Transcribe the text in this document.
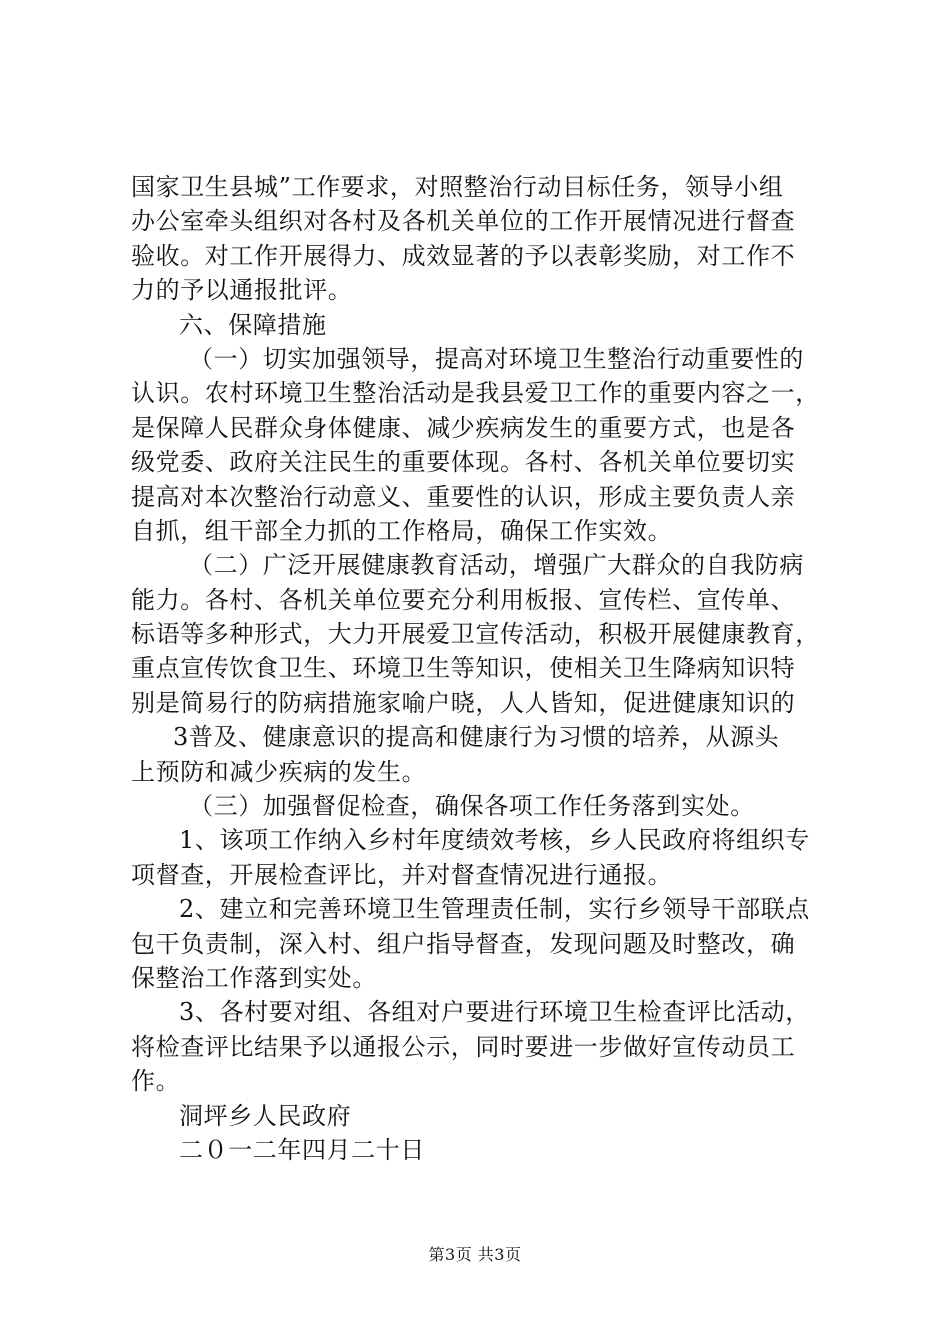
国家卫生县城”工作要求，对照整治行动目标任务，领导小组
办公室牵头组织对各村及各机关单位的工作开展情况进行督查
验收。对工作开展得力、成效显著的予以表彰奖励，对工作不
力的予以通报批评。
六、保障措施
（一）切实加强领导，提高对环境卫生整治行动重要性的
认识。农村环境卫生整治活动是我县爱卫工作的重要内容之一，
是保障人民群众身体健康、减少疾病发生的重要方式，也是各
级党委、政府关注民生的重要体现。各村、各机关单位要切实
提高对本次整治行动意义、重要性的认识，形成主要负责人亲
自抓，组干部全力抓的工作格局，确保工作实效。
（二）广泛开展健康教育活动，增强广大群众的自我防病
能力。各村、各机关单位要充分利用板报、宣传栏、宣传单、
标语等多种形式，大力开展爱卫宣传活动，积极开展健康教育，
重点宣传饮食卫生、环境卫生等知识，使相关卫生降病知识特
别是简易行的防病措施家喻户晓，人人皆知，促进健康知识的
3普及、健康意识的提高和健康行为习惯的培养，从源头
上预防和减少疾病的发生。
（三）加强督促检查，确保各项工作任务落到实处。
1、该项工作纳入乡村年度绩效考核，乡人民政府将组织专
项督查，开展检查评比，并对督查情况进行通报。
2、建立和完善环境卫生管理责任制，实行乡领导干部联点
包干负责制，深入村、组户指导督查，发现问题及时整改，确
保整治工作落到实处。
3、各村要对组、各组对户要进行环境卫生检查评比活动，
将检查评比结果予以通报公示，同时要进一步做好宣传动员工
作。
洞坪乡人民政府
二０一二年四月二十日
第3页 共3页
